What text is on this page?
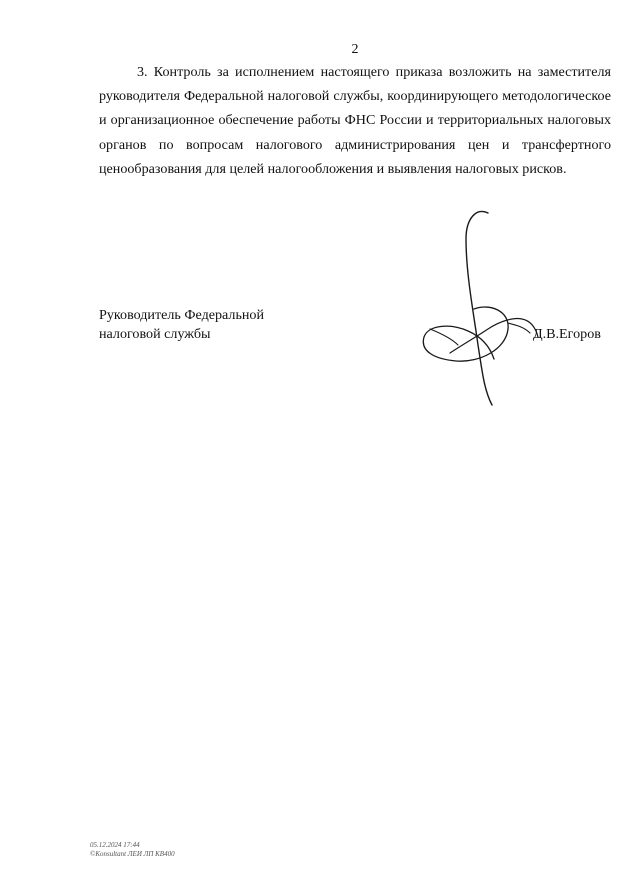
2

3. Контроль за исполнением настоящего приказа возложить на заместителя руководителя Федеральной налоговой службы, координирующего методологическое и организационное обеспечение работы ФНС России и территориальных налоговых органов по вопросам налогового администрирования цен и трансфертного ценообразования для целей налогообложения и выявления налоговых рисков.

Руководитель Федеральной
налоговой службы	Д.В.Егоров
05.12.2024 17:44
©Konsultant ЛЕИ ЛП КВ400
